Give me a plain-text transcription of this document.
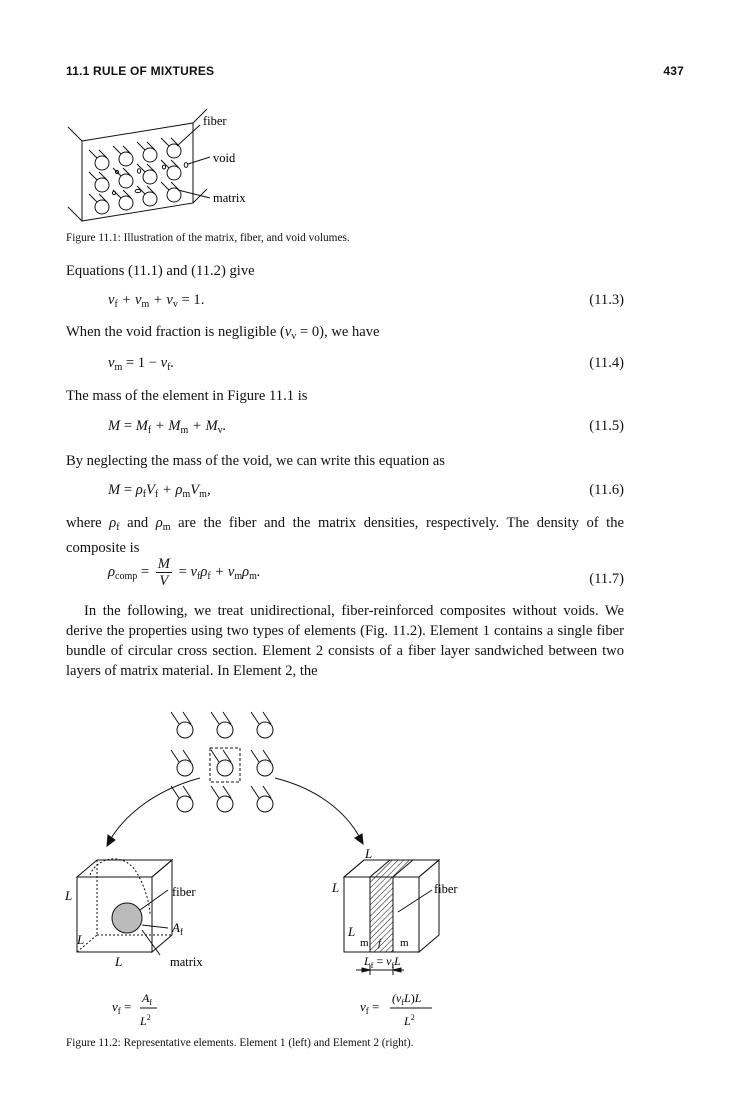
11.1 RULE OF MIXTURES	437
fiber
void
matrix
Figure 11.1: Illustration of the matrix, fiber, and void volumes.
Equations (11.1) and (11.2) give
$v_f + v_m + v_v = 1$.	(11.3)
When the void fraction is negligible $(v_v = 0)$, we have
$v_m = 1 - v_f$.	(11.4)
The mass of the element in Figure 11.1 is
$M = M_f + M_m + M_v$.	(11.5)
By neglecting the mass of the void, we can write this equation as
$M = \rho_fV_f + \rho_mV_m$,	(11.6)
where $\rho_f$ and $\rho_m$ are the fiber and the matrix densities, respectively. The density of the composite is
$\rho_{comp} = \frac{M}{V} = v_f\rho_f + v_m\rho_m$.	(11.7)
In the following, we treat unidirectional, fiber-reinforced composites without voids. We derive the properties using two types of elements (Fig. 11.2). Element 1 contains a single fiber bundle of circular cross section. Element 2 consists of a fiber layer sandwiched between two layers of matrix material. In Element 2, the
L
L
L
fiber
$A_f$
matrix
L
L
L
fiber
m f m
$L_f = v_fL$
$v_f$ =
$A_f$
$L^2$
$v_f$ =
$(v_fL)L$
$L^2$
Figure 11.2: Representative elements. Element 1 (left) and Element 2 (right).
